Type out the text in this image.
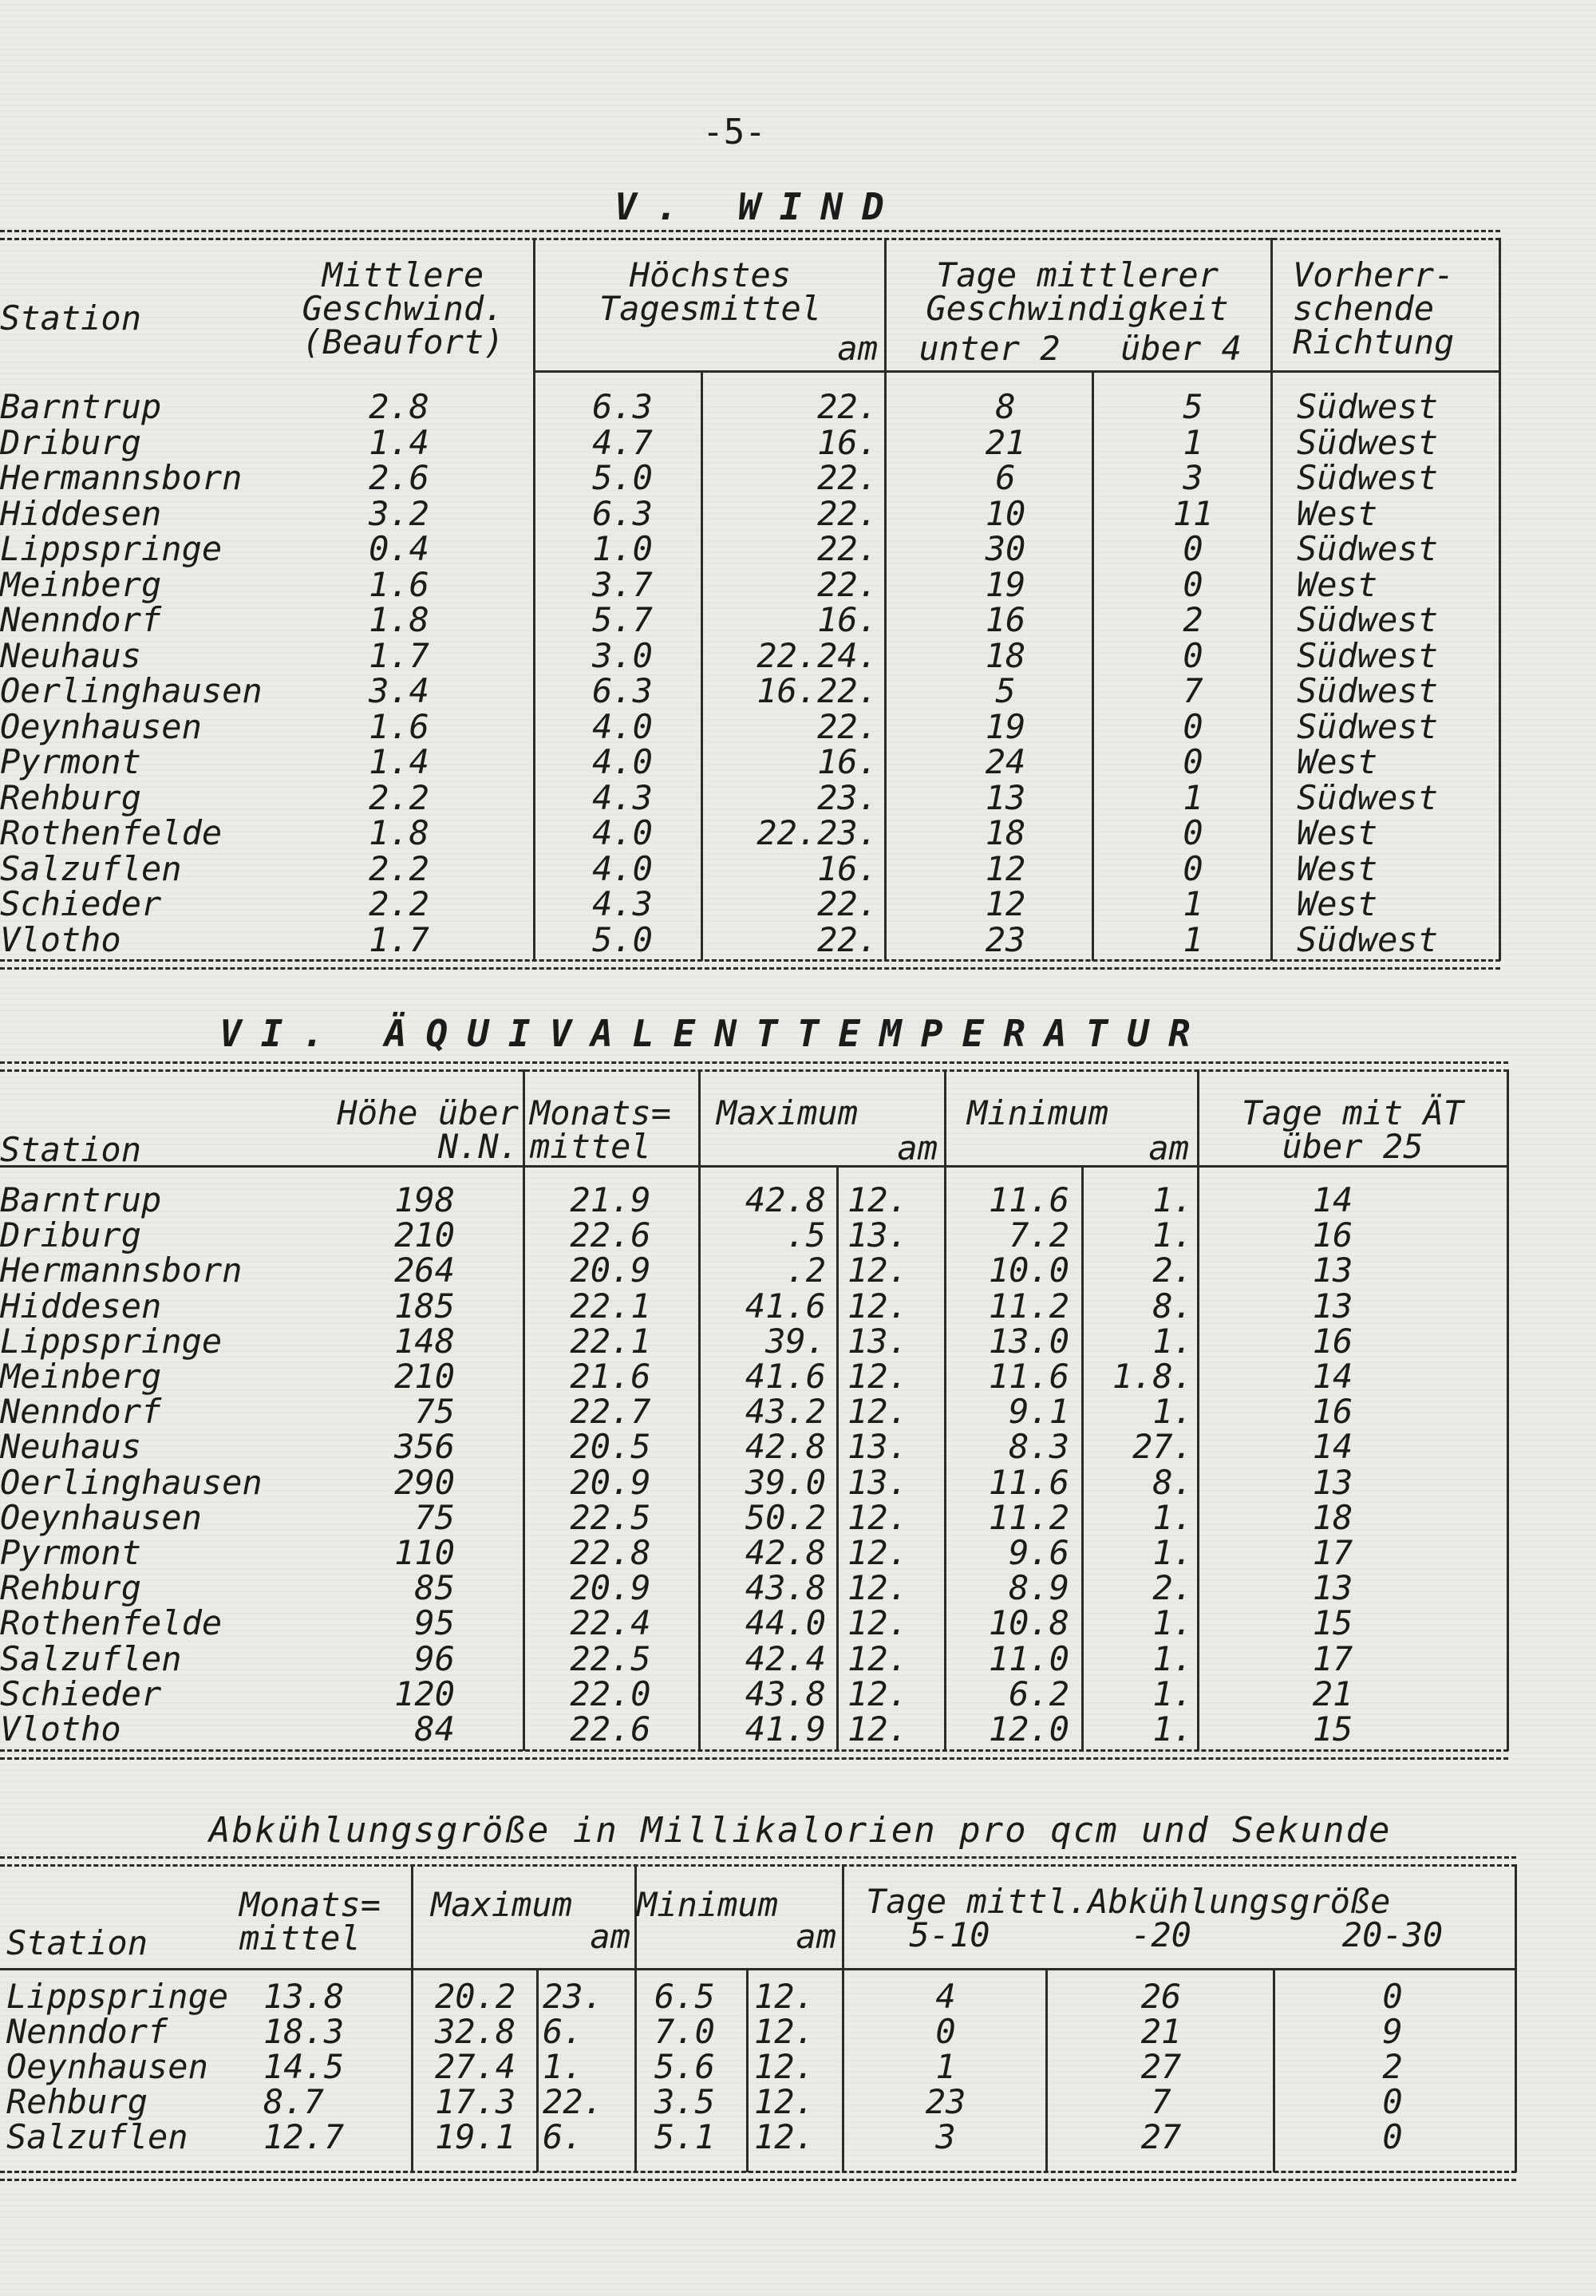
-5-
V. WIND
Station
Mittlere Geschwind. (Beaufort)
Höchstes Tagesmittel
am
Tage mittlerer Geschwindigkeit
unter 2	über 4
Vorherr- schende Richtung
Barntrup	2.8	6.3	22.	8	5	Südwest
Driburg	1.4	4.7	16.	21	1	Südwest
Hermannsborn	2.6	5.0	22.	6	3	Südwest
Hiddesen	3.2	6.3	22.	10	11	West
Lippspringe	0.4	1.0	22.	30	0	Südwest
Meinberg	1.6	3.7	22.	19	0	West
Nenndorf	1.8	5.7	16.	16	2	Südwest
Neuhaus	1.7	3.0	22.24.	18	0	Südwest
Oerlinghausen	3.4	6.3	16.22.	5	7	Südwest
Oeynhausen	1.6	4.0	22.	19	0	Südwest
Pyrmont	1.4	4.0	16.	24	0	West
Rehburg	2.2	4.3	23.	13	1	Südwest
Rothenfelde	1.8	4.0	22.23.	18	0	West
Salzuflen	2.2	4.0	16.	12	0	West
Schieder	2.2	4.3	22.	12	1	West
Vlotho	1.7	5.0	22.	23	1	Südwest
VI. ÄQUIVALENTTEMPERATUR
Station
Höhe über N.N.
Monats= mittel
Maximum
am
Minimum
am
Tage mit ÄT über 25
Barntrup	198	21.9	42.8 12.	11.6	1.	14
Driburg	210	22.6	.5 13.	7.2	1.	16
Hermannsborn	264	20.9	.2 12.	10.0	2.	13
Hiddesen	185	22.1	41.6 12.	11.2	8.	13
Lippspringe	148	22.1	39. 13.	13.0	1.	16
Meinberg	210	21.6	41.6 12.	11.6	1.8.	14
Nenndorf	75	22.7	43.2 12.	9.1	1.	16
Neuhaus	356	20.5	42.8 13.	8.3	27.	14
Oerlinghausen	290	20.9	39.0 13.	11.6	8.	13
Oeynhausen	75	22.5	50.2 12.	11.2	1.	18
Pyrmont	110	22.8	42.8 12.	9.6	1.	17
Rehburg	85	20.9	43.8 12.	8.9	2.	13
Rothenfelde	95	22.4	44.0 12.	10.8	1.	15
Salzuflen	96	22.5	42.4 12.	11.0	1.	17
Schieder	120	22.0	43.8 12.	6.2	1.	21
Vlotho	84	22.6	41.9 12.	12.0	1.	15
Abkühlungsgröße in Millikalorien pro qcm und Sekunde
Station
Monats= mittel
Maximum
am
Minimum
am
Tage mittl.Abkühlungsgröße
5-10	-20	20-30
Lippspringe 13.8	20.2 23.	6.5	12.	4	26	0
Nenndorf	18.3	32.8 6.	7.0	12.	0	21	9
Oeynhausen	14.5	27.4 1.	5.6	12.	1	27	2
Rehburg	8.7	17.3 22.	3.5	12.	23	7	0
Salzuflen	12.7	19.1 6.	5.1	12.	3	27	0
